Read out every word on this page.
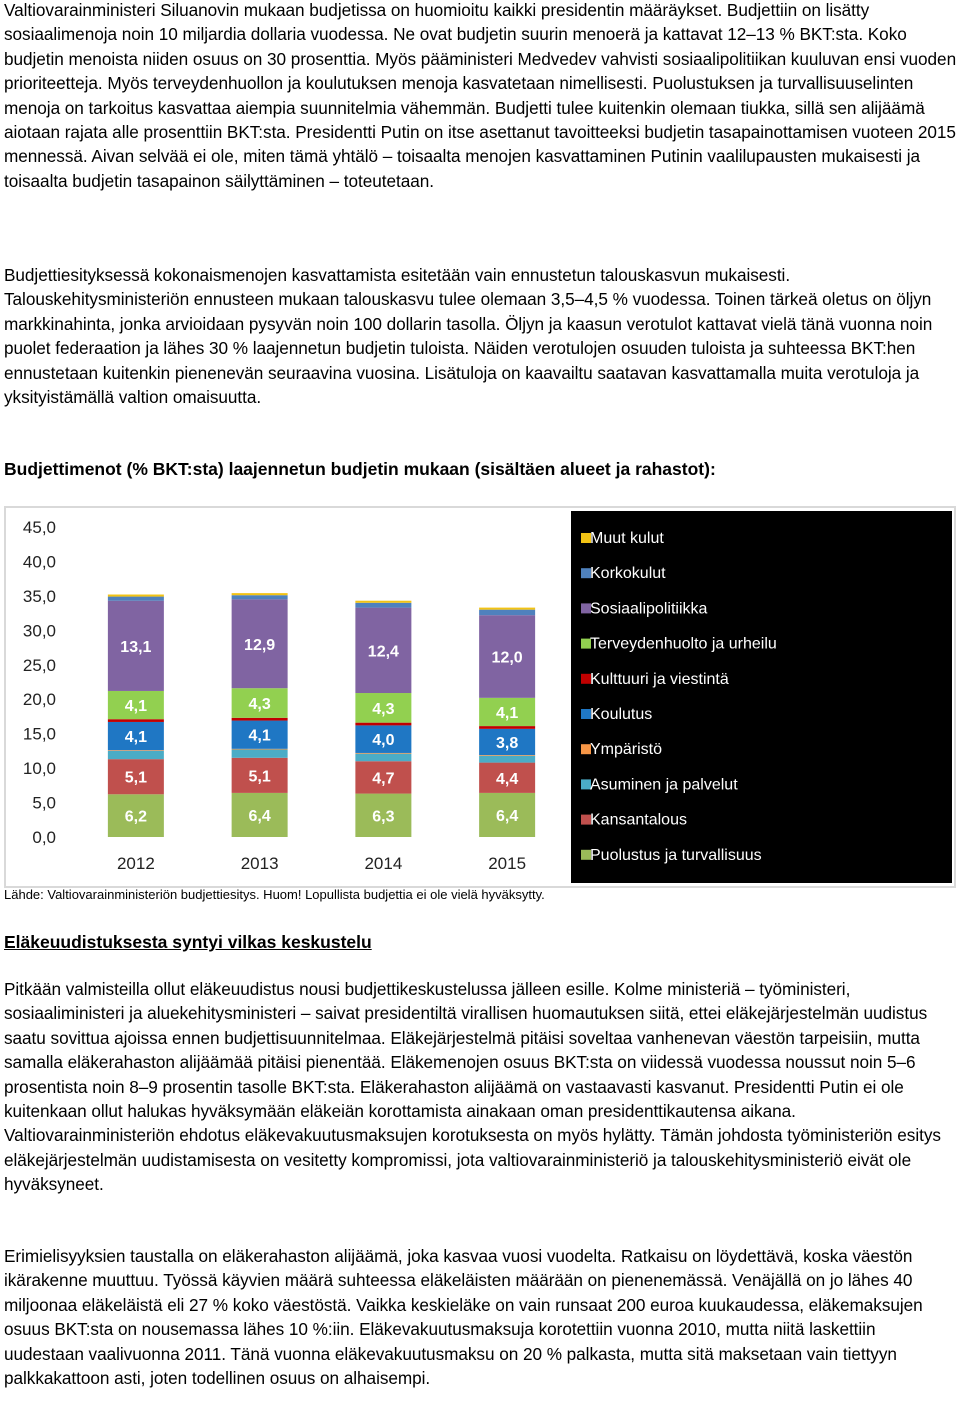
Valtiovarainministeri Siluanovin mukaan budjetissa on huomioitu kaikki presidentin määräykset. Budjettiin on lisätty sosiaalimenoja noin 10 miljardia dollaria vuodessa. Ne ovat budjetin suurin menoerä ja kattavat 12–13 % BKT:sta. Koko budjetin menoista niiden osuus on 30 prosenttia. Myös pääministeri Medvedev vahvisti sosiaalipolitiikan kuuluvan ensi vuoden prioriteetteja. Myös terveydenhuollon ja koulutuksen menoja kasvatetaan nimellisesti. Puolustuksen ja turvallisuuselinten menoja on tarkoitus kasvattaa aiempia suunnitelmia vähemmän. Budjetti tulee kuitenkin olemaan tiukka, sillä sen alijäämä aiotaan rajata alle prosenttiin BKT:sta. Presidentti Putin on itse asettanut tavoitteeksi budjetin tasapainottamisen vuoteen 2015 mennessä. Aivan selvää ei ole, miten tämä yhtälö – toisaalta menojen kasvattaminen Putinin vaalilupausten mukaisesti ja toisaalta budjetin tasapainon säilyttäminen – toteutetaan.

Budjettiesityksessä kokonaismenojen kasvattamista esitetään vain ennustetun talouskasvun mukaisesti. Talouskehitysministeriön ennusteen mukaan talouskasvu tulee olemaan 3,5–4,5 % vuodessa. Toinen tärkeä oletus on öljyn markkinahinta, jonka arvioidaan pysyvän noin 100 dollarin tasolla. Öljyn ja kaasun verotulot kattavat vielä tänä vuonna noin puolet federaation ja lähes 30 % laajennetun budjetin tuloista. Näiden verotulojen osuuden tuloista ja suhteessa BKT:hen ennustetaan kuitenkin pienenevän seuraavina vuosina. Lisätuloja on kaavailtu saatavan kasvattamalla muita verotuloja ja yksityistämällä valtion omaisuutta.

Budjettimenot (% BKT:sta) laajennetun budjetin mukaan (sisältäen alueet ja rahastot):

0,0
5,0
10,0
15,0
20,0
25,0
30,0
35,0
40,0
45,0
6,2
5,1
4,1
4,1
13,1
2012
6,4
5,1
4,1
4,3
12,9
2013
6,3
4,7
4,0
4,3
12,4
2014
6,4
4,4
3,8
4,1
12,0
2015
Muut kulut
Korkokulut
Sosiaalipolitiikka
Terveydenhuolto ja urheilu
Kulttuuri ja viestintä
Koulutus
Ympäristö
Asuminen ja palvelut
Kansantalous
Puolustus ja turvallisuus
Lähde: Valtiovarainministeriön budjettiesitys. Huom! Lopullista budjettia ei ole vielä hyväksytty.

Eläkeuudistuksesta syntyi vilkas keskustelu

Pitkään valmisteilla ollut eläkeuudistus nousi budjettikeskustelussa jälleen esille. Kolme ministeriä – työministeri, sosiaaliministeri ja aluekehitysministeri – saivat presidentiltä virallisen huomautuksen siitä, ettei eläkejärjestelmän uudistus saatu sovittua ajoissa ennen budjettisuunnitelmaa. Eläkejärjestelmä pitäisi soveltaa vanhenevan väestön tarpeisiin, mutta samalla eläkerahaston alijäämää pitäisi pienentää. Eläkemenojen osuus BKT:sta on viidessä vuodessa noussut noin 5–6 prosentista noin 8–9 prosentin tasolle BKT:sta. Eläkerahaston alijäämä on vastaavasti kasvanut. Presidentti Putin ei ole kuitenkaan ollut halukas hyväksymään eläkeiän korottamista ainakaan oman presidenttikautensa aikana. Valtiovarainministeriön ehdotus eläkevakuutusmaksujen korotuksesta on myös hylätty. Tämän johdosta työministeriön esitys eläkejärjestelmän uudistamisesta on vesitetty kompromissi, jota valtiovarainministeriö ja talouskehitysministeriö eivät ole hyväksyneet.

Erimielisyyksien taustalla on eläkerahaston alijäämä, joka kasvaa vuosi vuodelta. Ratkaisu on löydettävä, koska väestön ikärakenne muuttuu. Työssä käyvien määrä suhteessa eläkeläisten määrään on pienenemässä. Venäjällä on jo lähes 40 miljoonaa eläkeläistä eli 27 % koko väestöstä. Vaikka keskieläke on vain runsaat 200 euroa kuukaudessa, eläkemaksujen osuus BKT:sta on nousemassa lähes 10 %:iin. Eläkevakuutusmaksuja korotettiin vuonna 2010, mutta niitä laskettiin uudestaan vaalivuonna 2011. Tänä vuonna eläkevakuutusmaksu on 20 % palkasta, mutta sitä maksetaan vain tiettyyn palkkakattoon asti, joten todellinen osuus on alhaisempi.
